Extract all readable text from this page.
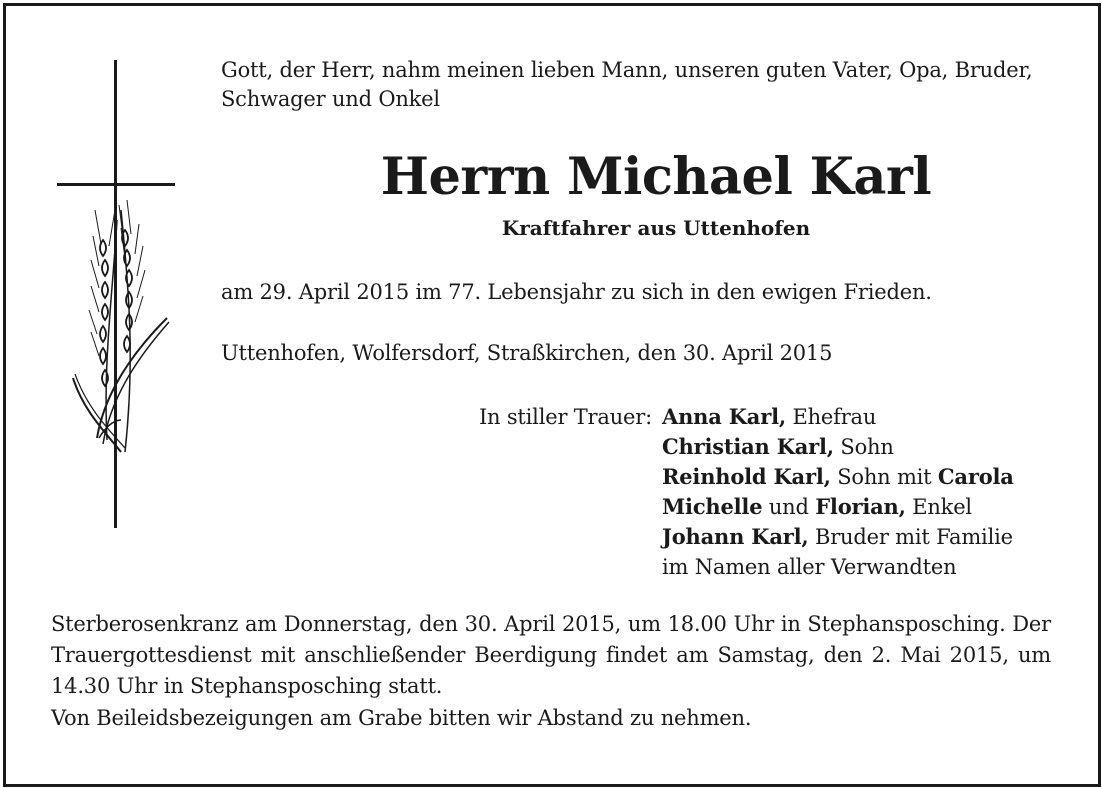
Gott, der Herr, nahm meinen lieben Mann, unseren guten Vater, Opa, Bruder, Schwager und Onkel
Herrn Michael Karl
Kraftfahrer aus Uttenhofen
am 29. April 2015 im 77. Lebensjahr zu sich in den ewigen Frieden.
Uttenhofen, Wolfersdorf, Straßkirchen, den 30. April 2015
In stiller Trauer: Anna Karl, Ehefrau
Christian Karl, Sohn
Reinhold Karl, Sohn mit Carola
Michelle und Florian, Enkel
Johann Karl, Bruder mit Familie
im Namen aller Verwandten
Sterberosenkranz am Donnerstag, den 30. April 2015, um 18.00 Uhr in Stephansposching. Der Trauergottesdienst mit anschließender Beerdigung findet am Samstag, den 2. Mai 2015, um 14.30 Uhr in Stephansposching statt.
Von Beileidsbezeigungen am Grabe bitten wir Abstand zu nehmen.
